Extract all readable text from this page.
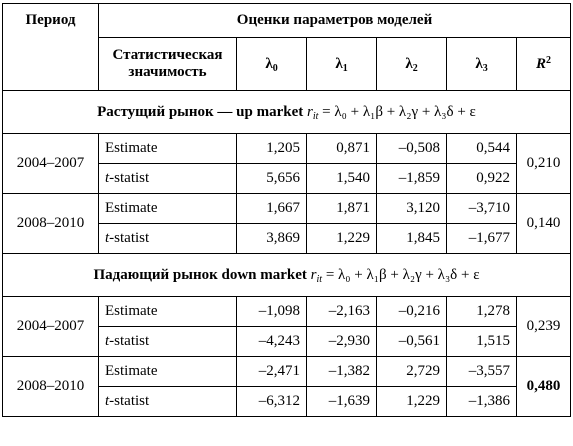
Период	Оценки параметров моделей					
	Статистическая значимость	$\lambda_0$	$\lambda_1$	$\lambda_2$	$\lambda_3$	$R^2$
Растущий рынок — up market $r_{it} = \lambda_0 + \lambda_1\beta + \lambda_2\gamma + \lambda_3\delta + \varepsilon$						
2004–2007	Estimate	1,205	0,871	–0,508	0,544	0,210
	t-statist	5,656	1,540	–1,859	0,922	
2008–2010	Estimate	1,667	1,871	3,120	–3,710	0,140
	t-statist	3,869	1,229	1,845	–1,677	
Падающий рынок down market $r_{it} = \lambda_0 + \lambda_1\beta + \lambda_2\gamma + \lambda_3\delta + \varepsilon$						
2004–2007	Estimate	–1,098	–2,163	–0,216	1,278	0,239
	t-statist	–4,243	–2,930	–0,561	1,515	
2008–2010	Estimate	–2,471	–1,382	2,729	–3,557	0,480
	t-statist	–6,312	–1,639	1,229	–1,386	
